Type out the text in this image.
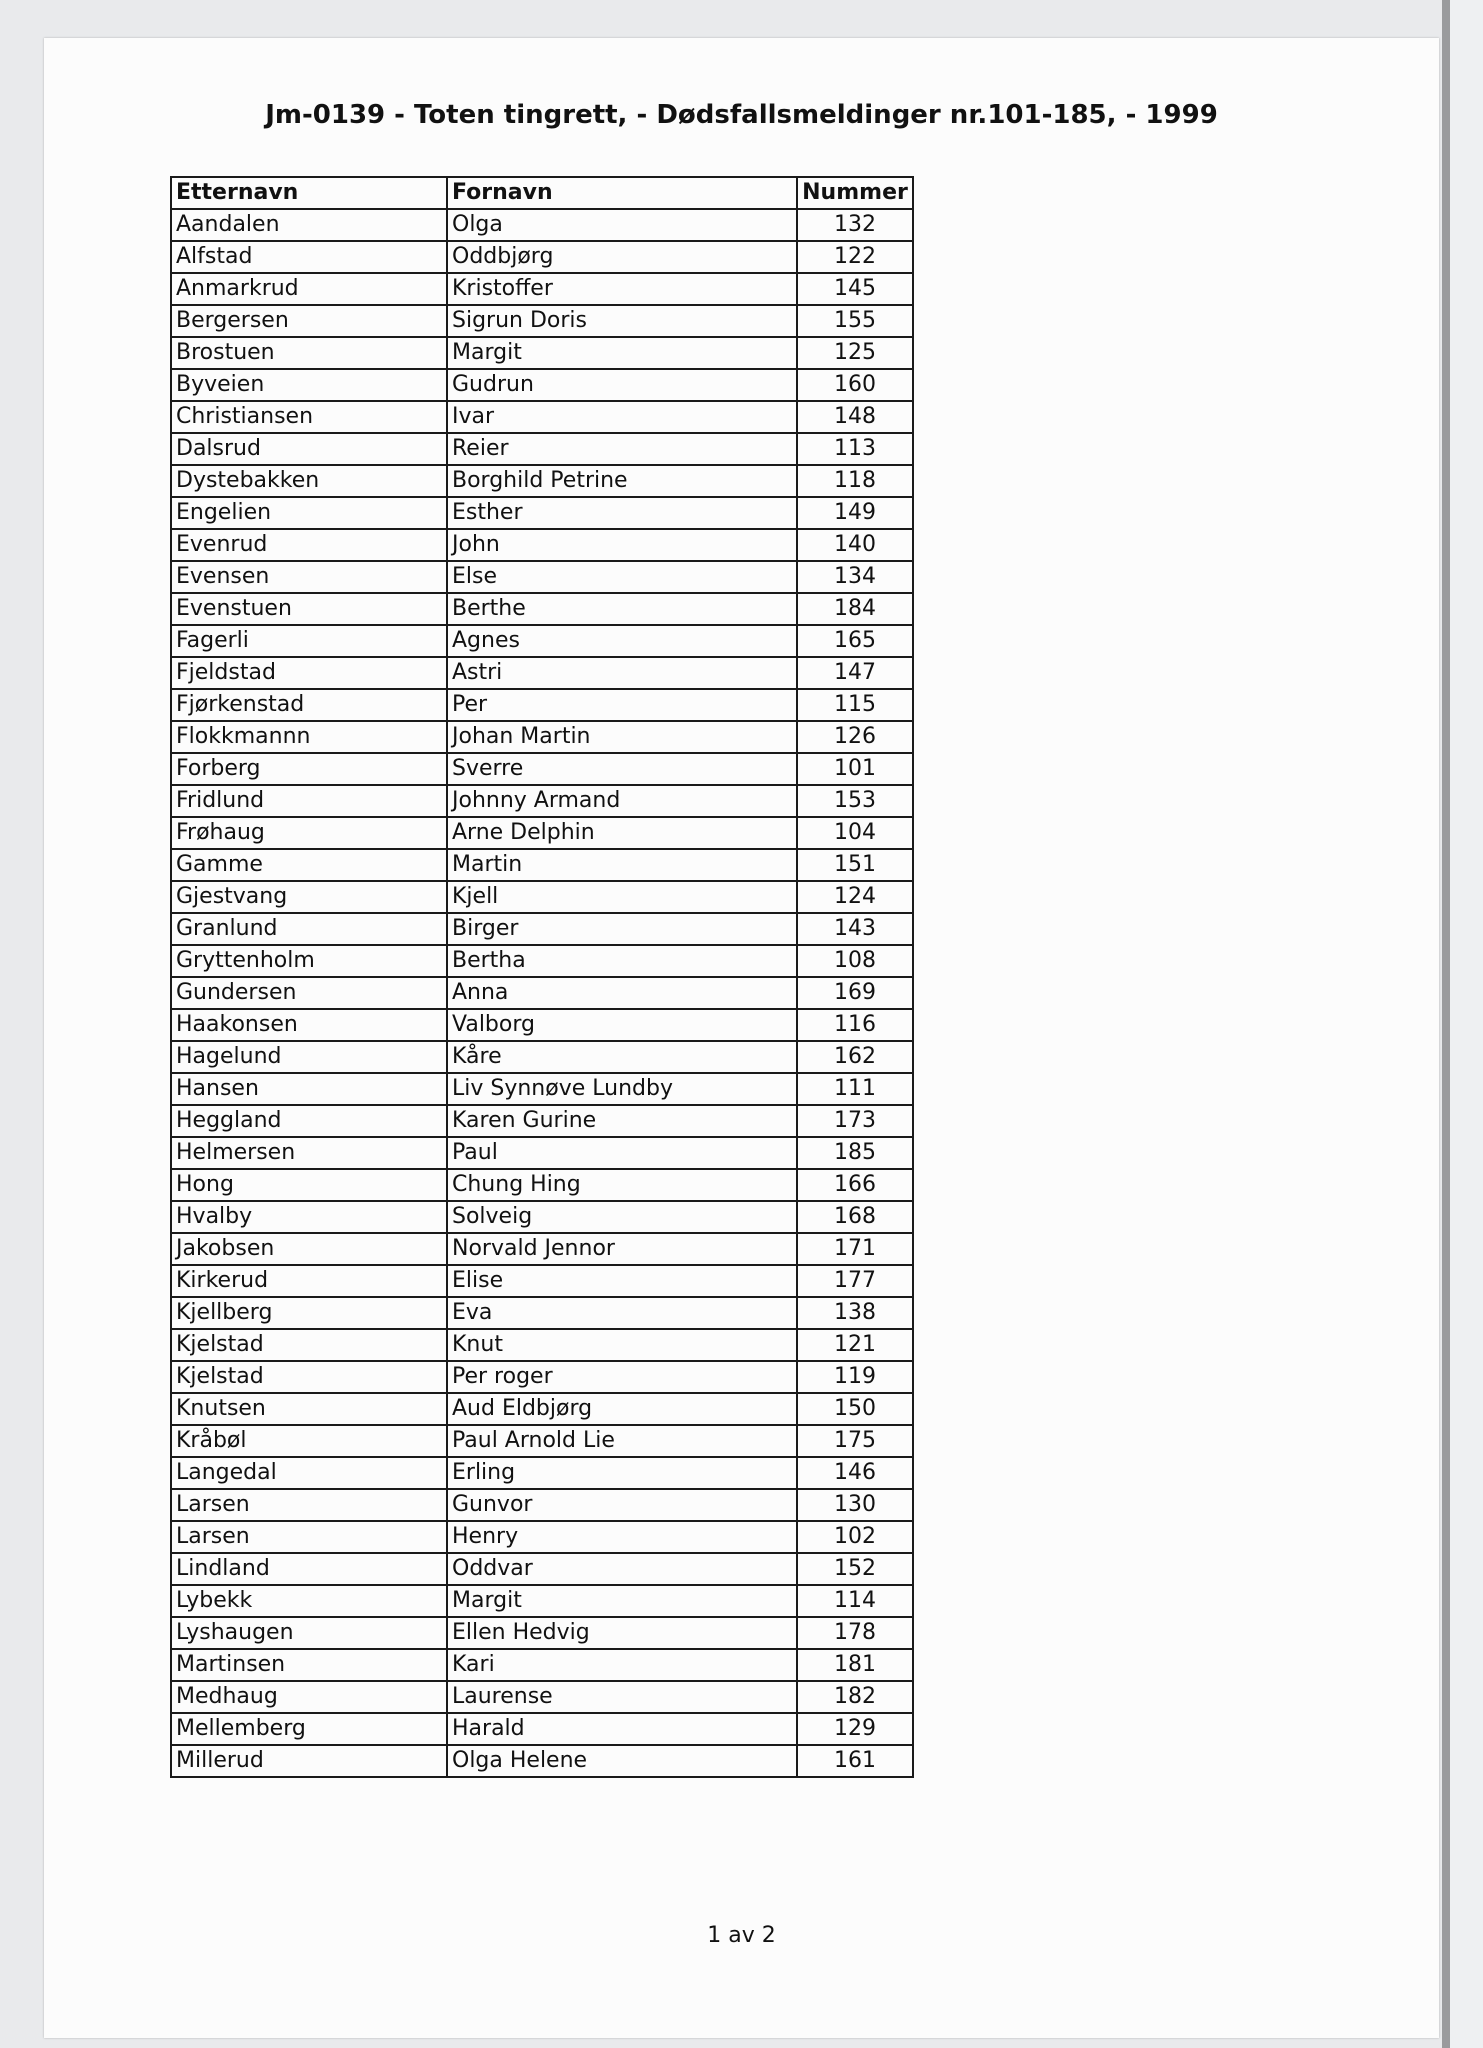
Jm-0139 - Toten tingrett, - Dødsfallsmeldinger nr.101-185, - 1999
Etternavn	Fornavn	Nummer
Aandalen	Olga	132
Alfstad	Oddbjørg	122
Anmarkrud	Kristoffer	145
Bergersen	Sigrun Doris	155
Brostuen	Margit	125
Byveien	Gudrun	160
Christiansen	Ivar	148
Dalsrud	Reier	113
Dystebakken	Borghild Petrine	118
Engelien	Esther	149
Evenrud	John	140
Evensen	Else	134
Evenstuen	Berthe	184
Fagerli	Agnes	165
Fjeldstad	Astri	147
Fjørkenstad	Per	115
Flokkmannn	Johan Martin	126
Forberg	Sverre	101
Fridlund	Johnny Armand	153
Frøhaug	Arne Delphin	104
Gamme	Martin	151
Gjestvang	Kjell	124
Granlund	Birger	143
Gryttenholm	Bertha	108
Gundersen	Anna	169
Haakonsen	Valborg	116
Hagelund	Kåre	162
Hansen	Liv Synnøve Lundby	111
Heggland	Karen Gurine	173
Helmersen	Paul	185
Hong	Chung Hing	166
Hvalby	Solveig	168
Jakobsen	Norvald Jennor	171
Kirkerud	Elise	177
Kjellberg	Eva	138
Kjelstad	Knut	121
Kjelstad	Per roger	119
Knutsen	Aud Eldbjørg	150
Kråbøl	Paul Arnold Lie	175
Langedal	Erling	146
Larsen	Gunvor	130
Larsen	Henry	102
Lindland	Oddvar	152
Lybekk	Margit	114
Lyshaugen	Ellen Hedvig	178
Martinsen	Kari	181
Medhaug	Laurense	182
Mellemberg	Harald	129
Millerud	Olga Helene	161
1 av 2
